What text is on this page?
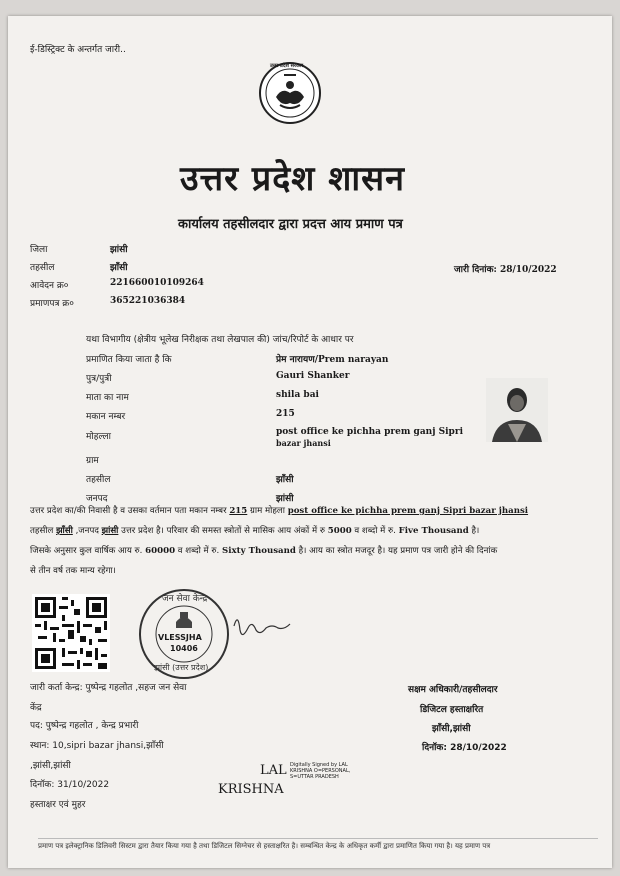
ई-डिस्ट्रिक्ट के अन्तर्गत जारी..
उत्तर प्रदेश सरकार
उत्तर प्रदेश शासन
कार्यालय तहसीलदार द्वारा प्रदत्त आय प्रमाण पत्र
जिला	झांसी
तहसील	झाँसी
आवेदन क्र०	221660010109264
प्रमाणपत्र क्र०	365221036384
जारी दिनांक: 28/10/2022
यथा विभागीय (क्षेत्रीय भूलेख निरीक्षक तथा लेखपाल की) जांच/रिपोर्ट के आधार पर
प्रमाणित किया जाता है कि	प्रेम नारायण/Prem narayan
पुत्र/पुत्री	Gauri Shanker
माता का नाम	shila bai
मकान नम्बर	215
मोहल्ला	post office ke pichha prem ganj Sipri
bazar jhansi
ग्राम
तहसील	झाँसी
जनपद	झांसी
उत्तर प्रदेश का/की निवासी है व उसका वर्तमान पता मकान नम्बर 215 ग्राम मोहला post office ke pichha prem ganj Sipri bazar jhansi
तहसील झाँसी ,जनपद झांसी उत्तर प्रदेश है। परिवार की समस्त स्त्रोतों से मासिक आय अंकों में रु 5000 व शब्दो में रु. Five Thousand है।
जिसके अनुसार कुल वार्षिक आय रु. 60000 व शब्दो में रु. Sixty Thousand है। आय का स्त्रोत मजदूर है। यह प्रमाण पत्र जारी होने की दिनांक
से तीन वर्ष तक मान्य रहेगा।
जन सेवा केन्द्र
VLESSJHA
10406
झांसी (उत्तर प्रदेश)
जारी कर्ता केन्द्र: पुष्पेन्द्र गहलोत ,सहज जन सेवा
केंद्र
पद: पुष्पेन्द्र गहलोत , केन्द्र प्रभारी
स्थान: 10,sipri bazar jhansi,झाँसी
,झांसी,झांसी
दिनॉक: 31/10/2022
हस्ताक्षर एवं मुहर
सक्षम अधिकारी/तहसीलदार
डिजिटल हस्ताक्षरित
झाँसी,झांसी
दिनॉक: 28/10/2022
LAL
KRISHNA
Digitally Signed by LAL
KRISHNA O=PERSONAL,
S=UTTAR PRADESH
प्रमाण पत्र इलेक्ट्रानिक डिलिवरी सिस्टम द्वारा तैयार किया गया है तथा डिजिटल सिग्नेचर से हस्ताक्षरित है। सम्बन्धित केन्द्र के अधिकृत कर्मी द्वारा प्रमाणित किया गया है। यह प्रमाण पत्र
